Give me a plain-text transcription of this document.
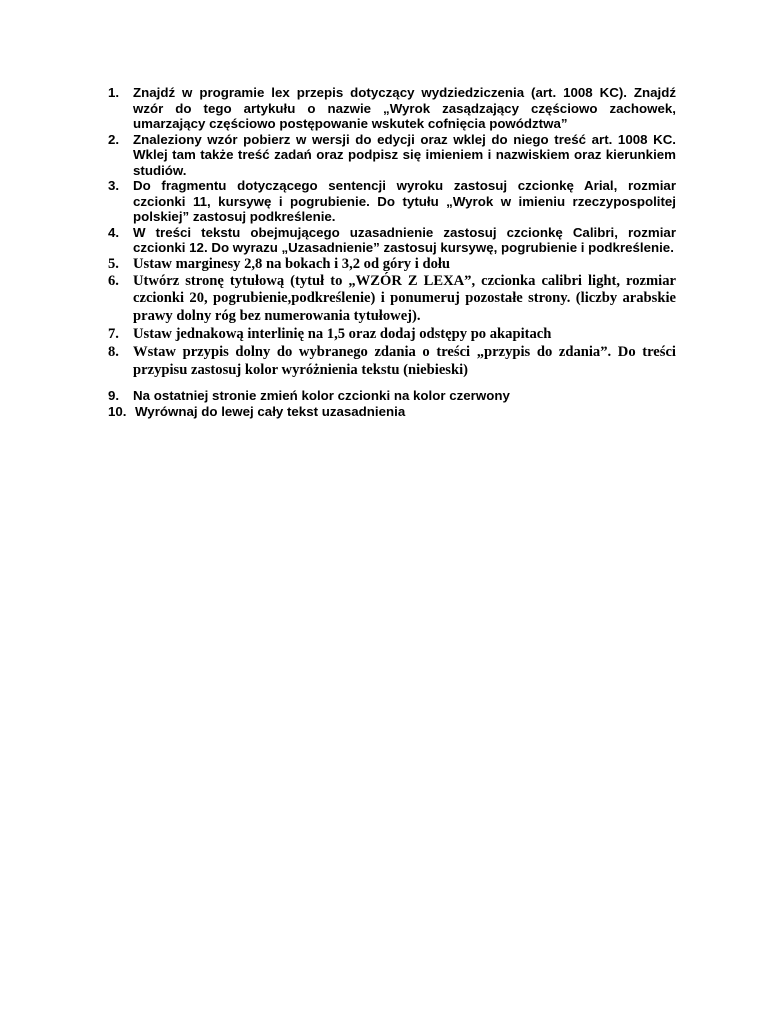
1.	Znajdź w programie lex przepis dotyczący wydziedziczenia (art. 1008 KC). Znajdź wzór do tego artykułu o nazwie „Wyrok zasądzający częściowo zachowek, umarzający częściowo postępowanie wskutek cofnięcia powództwa”
2.	Znaleziony wzór pobierz w wersji do edycji oraz wklej do niego treść art. 1008 KC. Wklej tam także treść zadań oraz podpisz się imieniem i nazwiskiem oraz kierunkiem studiów.
3.	Do fragmentu dotyczącego sentencji wyroku zastosuj czcionkę Arial, rozmiar czcionki 11, kursywę i pogrubienie. Do tytułu „Wyrok w imieniu rzeczypospolitej polskiej” zastosuj podkreślenie.
4.	W treści tekstu obejmującego uzasadnienie zastosuj czcionkę Calibri, rozmiar czcionki 12. Do wyrazu „Uzasadnienie” zastosuj kursywę, pogrubienie i podkreślenie.
5. Ustaw marginesy 2,8 na bokach i 3,2 od góry i dołu
6. Utwórz stronę tytułową (tytuł to „WZÓR Z LEXA”, czcionka calibri light, rozmiar czcionki 20, pogrubienie,podkreślenie) i ponumeruj pozostałe strony. (liczby arabskie prawy dolny róg bez numerowania tytułowej).
7. Ustaw jednakową interlinię na 1,5 oraz dodaj odstępy po akapitach
8. Wstaw przypis dolny do wybranego zdania o treści „przypis do zdania”. Do treści przypisu zastosuj kolor wyróżnienia tekstu (niebieski)
9.	Na ostatniej stronie zmień kolor czcionki na kolor czerwony
10. Wyrównaj do lewej cały tekst uzasadnienia
